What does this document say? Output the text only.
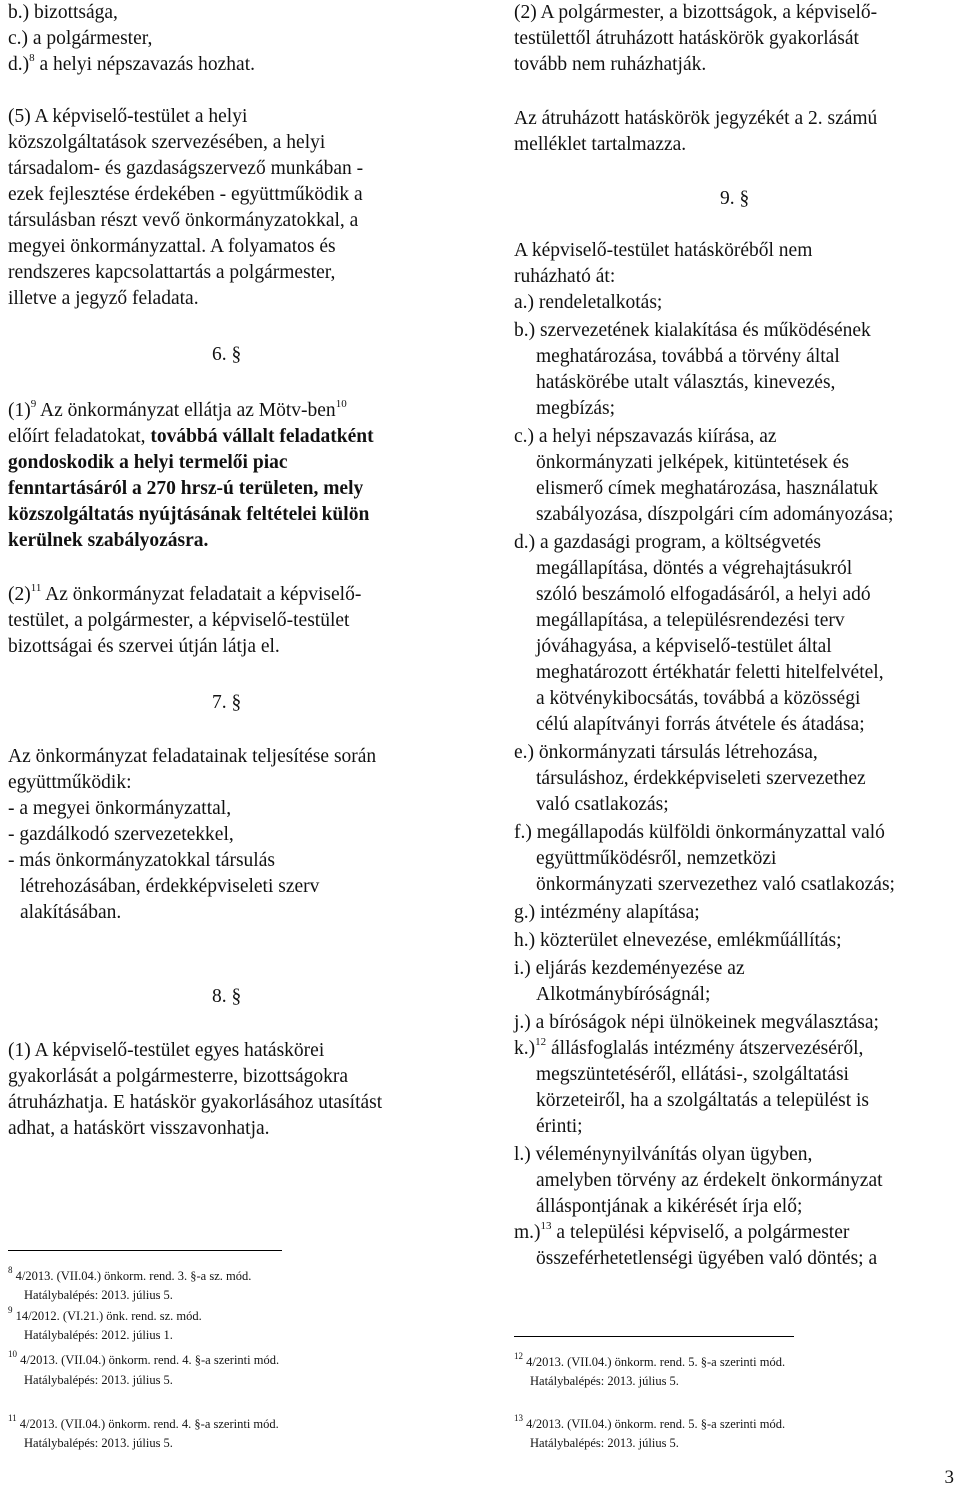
b.) bizottsága,
c.) a polgármester,
d.)$^8$ a helyi népszavazás hozhat.
(5) A képviselő-testület a helyi
közszolgáltatások szervezésében, a helyi
társadalom- és gazdaságszervező munkában -
ezek fejlesztése érdekében - együttműködik a
társulásban részt vevő önkormányzatokkal, a
megyei önkormányzattal. A folyamatos és
rendszeres kapcsolattartás a polgármester,
illetve a jegyző feladata.
6. §
$(1)^9$ Az önkormányzat ellátja az Mötv-ben$^{10}$
előírt feladatokat, továbbá vállalt feladatként
gondoskodik a helyi termelői piac
fenntartásáról a 270 hrsz-ú területen, mely
közszolgáltatás nyújtásának feltételei külön
kerülnek szabályozásra.
$(2)^{11}$ Az önkormányzat feladatait a képviselő-
testület, a polgármester, a képviselő-testület
bizottságai és szervei útján látja el.
7. §
Az önkormányzat feladatainak teljesítése során
együttműködik:
- a megyei önkormányzattal,
- gazdálkodó szervezetekkel,
- más önkormányzatokkal társulás
létrehozásában, érdekképviseleti szerv
alakításában.
8. §
(1) A képviselő-testület egyes hatáskörei
gyakorlását a polgármesterre, bizottságokra
átruházhatja. E hatáskör gyakorlásához utasítást
adhat, a hatáskört visszavonhatja.
(2) A polgármester, a bizottságok, a képviselő-
testülettől átruházott hatáskörök gyakorlását
tovább nem ruházhatják.
Az átruházott hatáskörök jegyzékét a 2. számú
melléklet tartalmazza.
9. §
A képviselő-testület hatásköréből nem
ruházható át:
a.) rendeletalkotás;
b.) szervezetének kialakítása és működésének
meghatározása, továbbá a törvény által
hatáskörébe utalt választás, kinevezés,
megbízás;
c.) a helyi népszavazás kiírása, az
önkormányzati jelképek, kitüntetések és
elismerő címek meghatározása, használatuk
szabályozása, díszpolgári cím adományozása;
d.) a gazdasági program, a költségvetés
megállapítása, döntés a végrehajtásukról
szóló beszámoló elfogadásáról, a helyi adó
megállapítása, a településrendezési terv
jóváhagyása, a képviselő-testület által
meghatározott értékhatár feletti hitelfelvétel,
a kötvénykibocsátás, továbbá a közösségi
célú alapítványi forrás átvétele és átadása;
e.) önkormányzati társulás létrehozása,
társuláshoz, érdekképviseleti szervezethez
való csatlakozás;
f.) megállapodás külföldi önkormányzattal való
együttműködésről, nemzetközi
önkormányzati szervezethez való csatlakozás;
g.) intézmény alapítása;
h.) közterület elnevezése, emlékműállítás;
i.) eljárás kezdeményezése az
Alkotmánybíróságnál;
j.) a bíróságok népi ülnökeinek megválasztása;
k.)$^{12}$ állásfoglalás intézmény átszervezéséről,
megszüntetéséről, ellátási-, szolgáltatási
körzeteiről, ha a szolgáltatás a települést is
érinti;
l.) véleménynyilvánítás olyan ügyben,
amelyben törvény az érdekelt önkormányzat
álláspontjának a kikérését írja elő;
m.)$^{13}$ a települési képviselő, a polgármester
összeférhetetlenségi ügyében való döntés; a
$^8$ 4/2013. (VII.04.) önkorm. rend. 3. §-a sz. mód.
Hatálybalépés: 2013. július 5.
$^9$ 14/2012. (VI.21.) önk. rend. sz. mód.
Hatálybalépés: 2012. július 1.
$^{10}$ 4/2013. (VII.04.) önkorm. rend. 4. §-a szerinti mód.
Hatálybalépés: 2013. július 5.
$^{11}$ 4/2013. (VII.04.) önkorm. rend. 4. §-a szerinti mód.
Hatálybalépés: 2013. július 5.
$^{12}$ 4/2013. (VII.04.) önkorm. rend. 5. §-a szerinti mód.
Hatálybalépés: 2013. július 5.
$^{13}$ 4/2013. (VII.04.) önkorm. rend. 5. §-a szerinti mód.
Hatálybalépés: 2013. július 5.
3
